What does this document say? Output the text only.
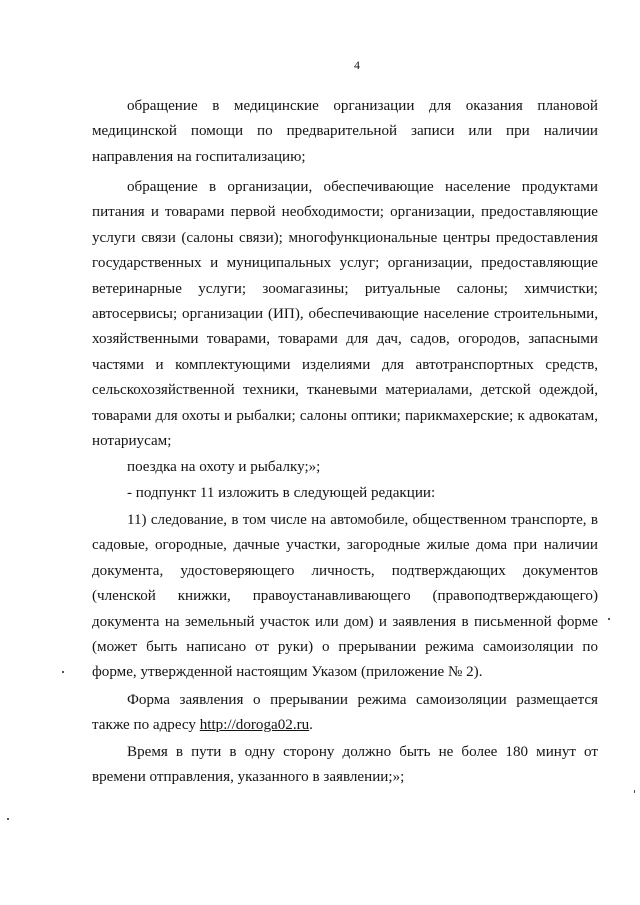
4

обращение в медицинские организации для оказания плановой медицинской помощи по предварительной записи или при наличии направления на госпитализацию;

обращение в организации, обеспечивающие население продуктами питания и товарами первой необходимости; организации, предоставляющие услуги связи (салоны связи); многофункциональные центры предоставления государственных и муниципальных услуг; организации, предоставляющие ветеринарные услуги; зоомагазины; ритуальные салоны; химчистки; автосервисы; организации (ИП), обеспечивающие население строительными, хозяйственными товарами, товарами для дач, садов, огородов, запасными частями и комплектующими изделиями для автотранспортных средств, сельскохозяйственной техники, тканевыми материалами, детской одеждой, товарами для охоты и рыбалки; салоны оптики; парикмахерские; к адвокатам, нотариусам;

поездка на охоту и рыбалку;»;

- подпункт 11 изложить в следующей редакции:

11) следование, в том числе на автомобиле, общественном транспорте, в садовые, огородные, дачные участки, загородные жилые дома при наличии документа, удостоверяющего личность, подтверждающих документов (членской книжки, правоустанавливающего (правоподтверждающего) документа на земельный участок или дом) и заявления в письменной форме (может быть написано от руки) о прерывании режима самоизоляции по форме, утвержденной настоящим Указом (приложение № 2).

Форма заявления о прерывании режима самоизоляции размещается также по адресу http://doroga02.ru.

Время в пути в одну сторону должно быть не более 180 минут от времени отправления, указанного в заявлении;»;
